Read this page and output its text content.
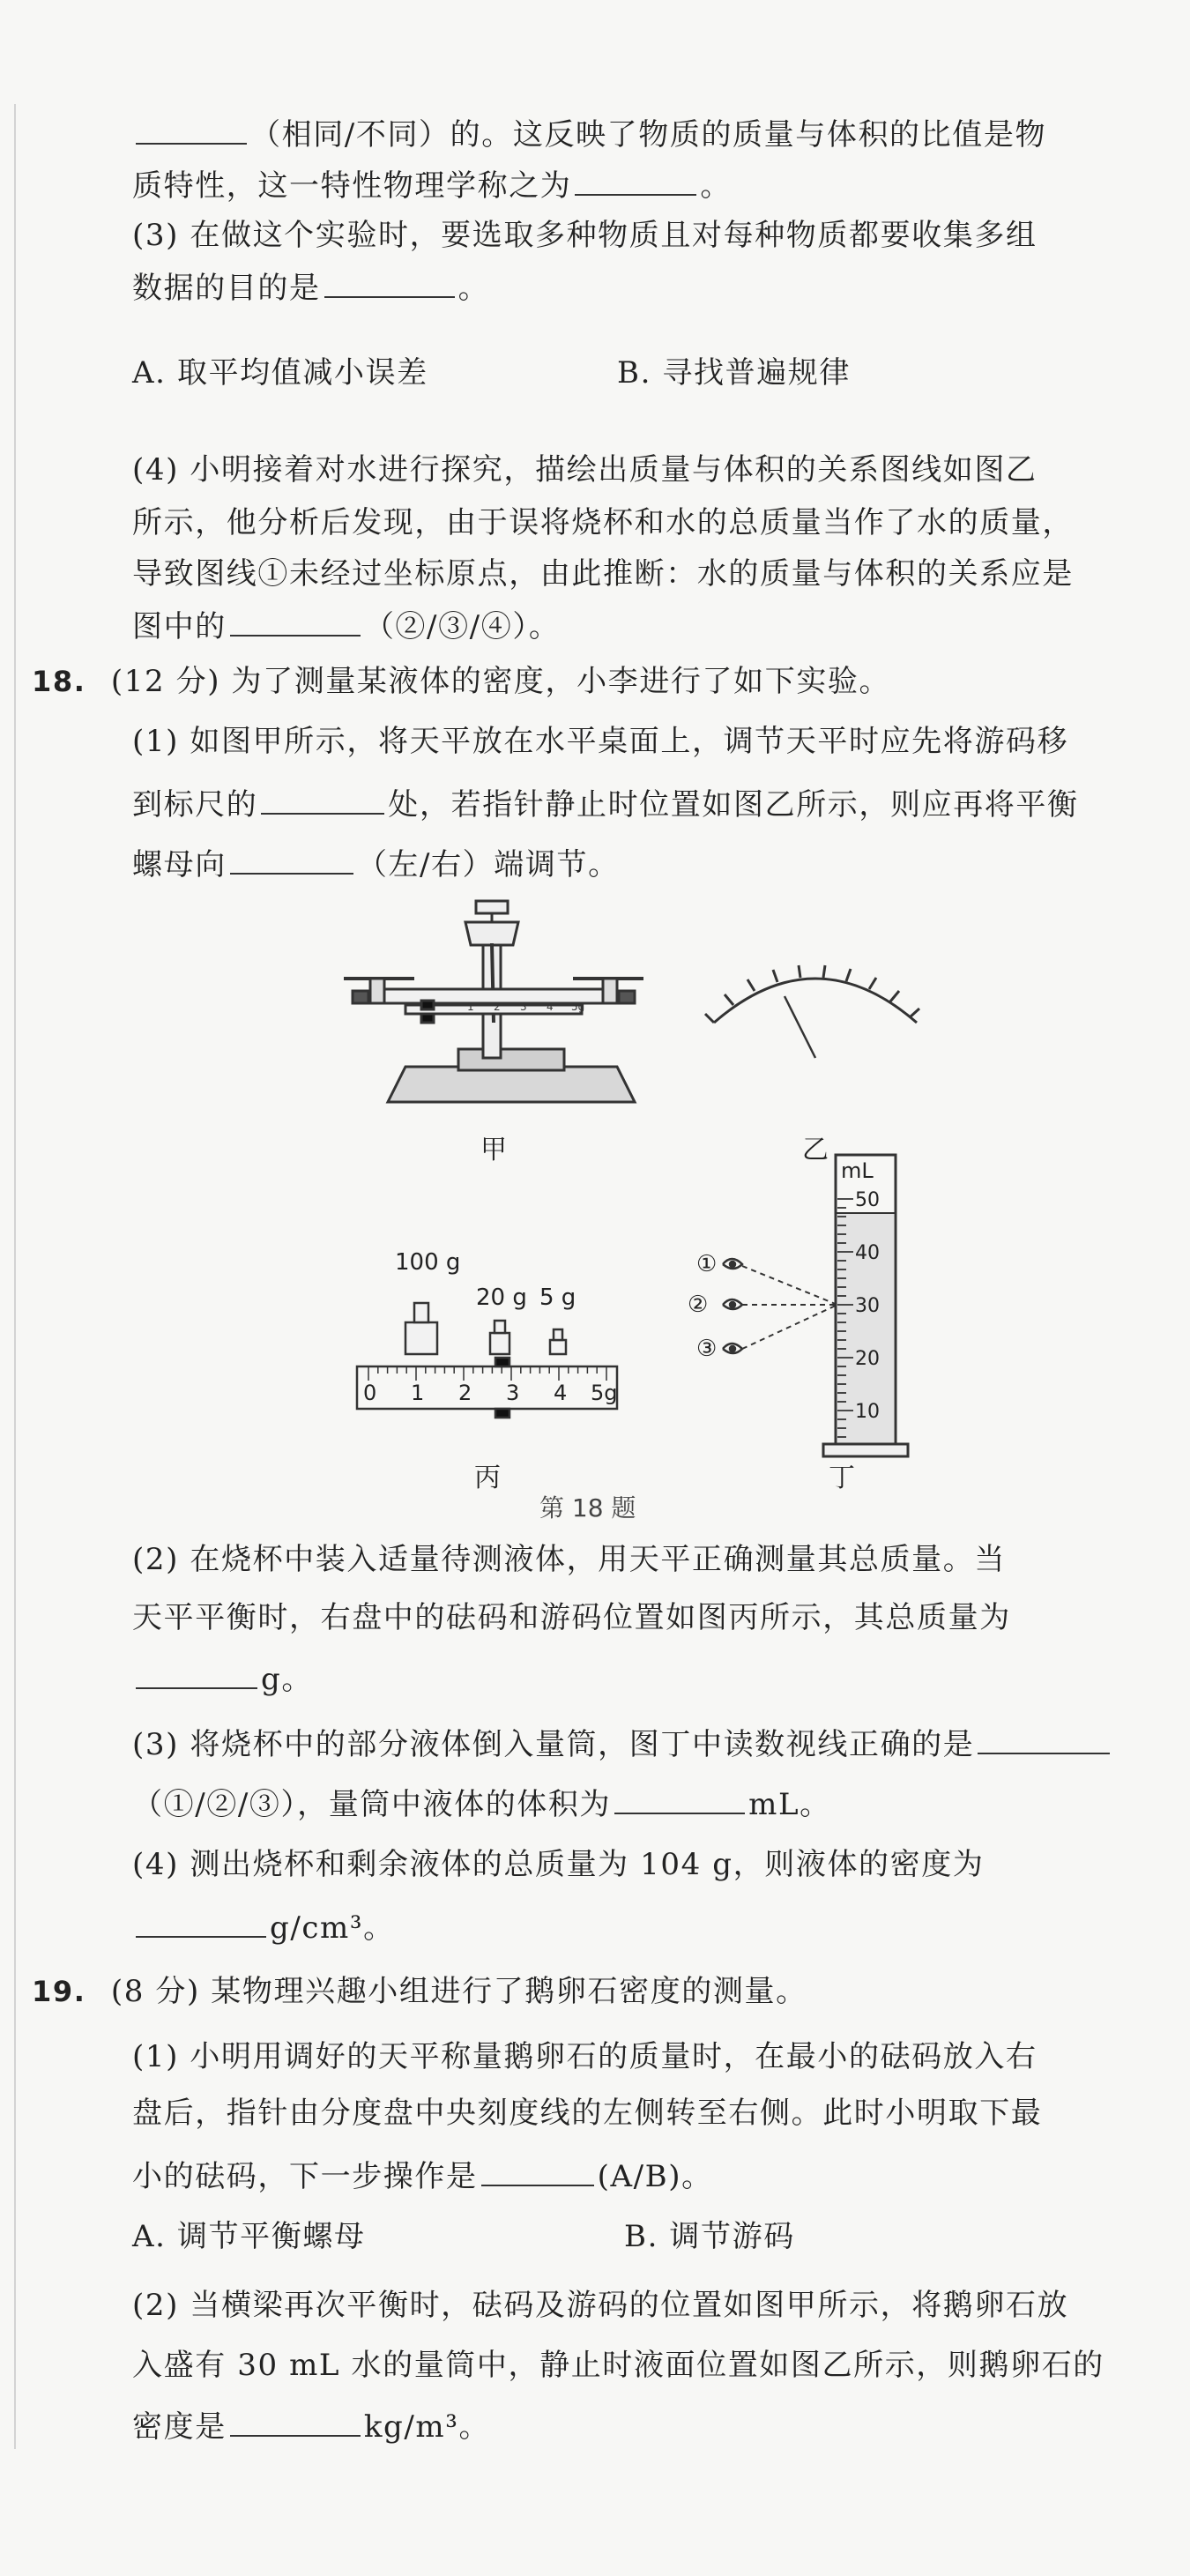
（相同/不同）的。这反映了物质的质量与体积的比值是物
质特性，这一特性物理学称之为	。
(3) 在做这个实验时，要选取多种物质且对每种物质都要收集多组
数据的目的是	。
A. 取平均值减小误差	B. 寻找普遍规律
(4) 小明接着对水进行探究，描绘出质量与体积的关系图线如图乙
所示，他分析后发现，由于误将烧杯和水的总质量当作了水的质量，
导致图线①未经过坐标原点，由此推断：水的质量与体积的关系应是
图中的	（②/③/④）。
18. (12 分) 为了测量某液体的密度，小李进行了如下实验。
(1) 如图甲所示，将天平放在水平桌面上，调节天平时应先将游码移
到标尺的	处，若指针静止时位置如图乙所示，则应再将平衡
螺母向	（左/右）端调节。
1 2 3 4 5g
甲	乙
100 g
20 g 5 g
0 1 2 3 4 5g
mL
50
40
30
20
10
①
②
③
丙	丁
第 18 题
(2) 在烧杯中装入适量待测液体，用天平正确测量其总质量。当
天平平衡时，右盘中的砝码和游码位置如图丙所示，其总质量为
g。
(3) 将烧杯中的部分液体倒入量筒，图丁中读数视线正确的是
（①/②/③），量筒中液体的体积为	mL。
(4) 测出烧杯和剩余液体的总质量为 104 g，则液体的密度为
g/cm³。
19. (8 分) 某物理兴趣小组进行了鹅卵石密度的测量。
(1) 小明用调好的天平称量鹅卵石的质量时，在最小的砝码放入右
盘后，指针由分度盘中央刻度线的左侧转至右侧。此时小明取下最
小的砝码，下一步操作是	(A/B)。
A. 调节平衡螺母	B. 调节游码
(2) 当横梁再次平衡时，砝码及游码的位置如图甲所示，将鹅卵石放
入盛有 30 mL 水的量筒中，静止时液面位置如图乙所示，则鹅卵石的
密度是	kg/m³。
